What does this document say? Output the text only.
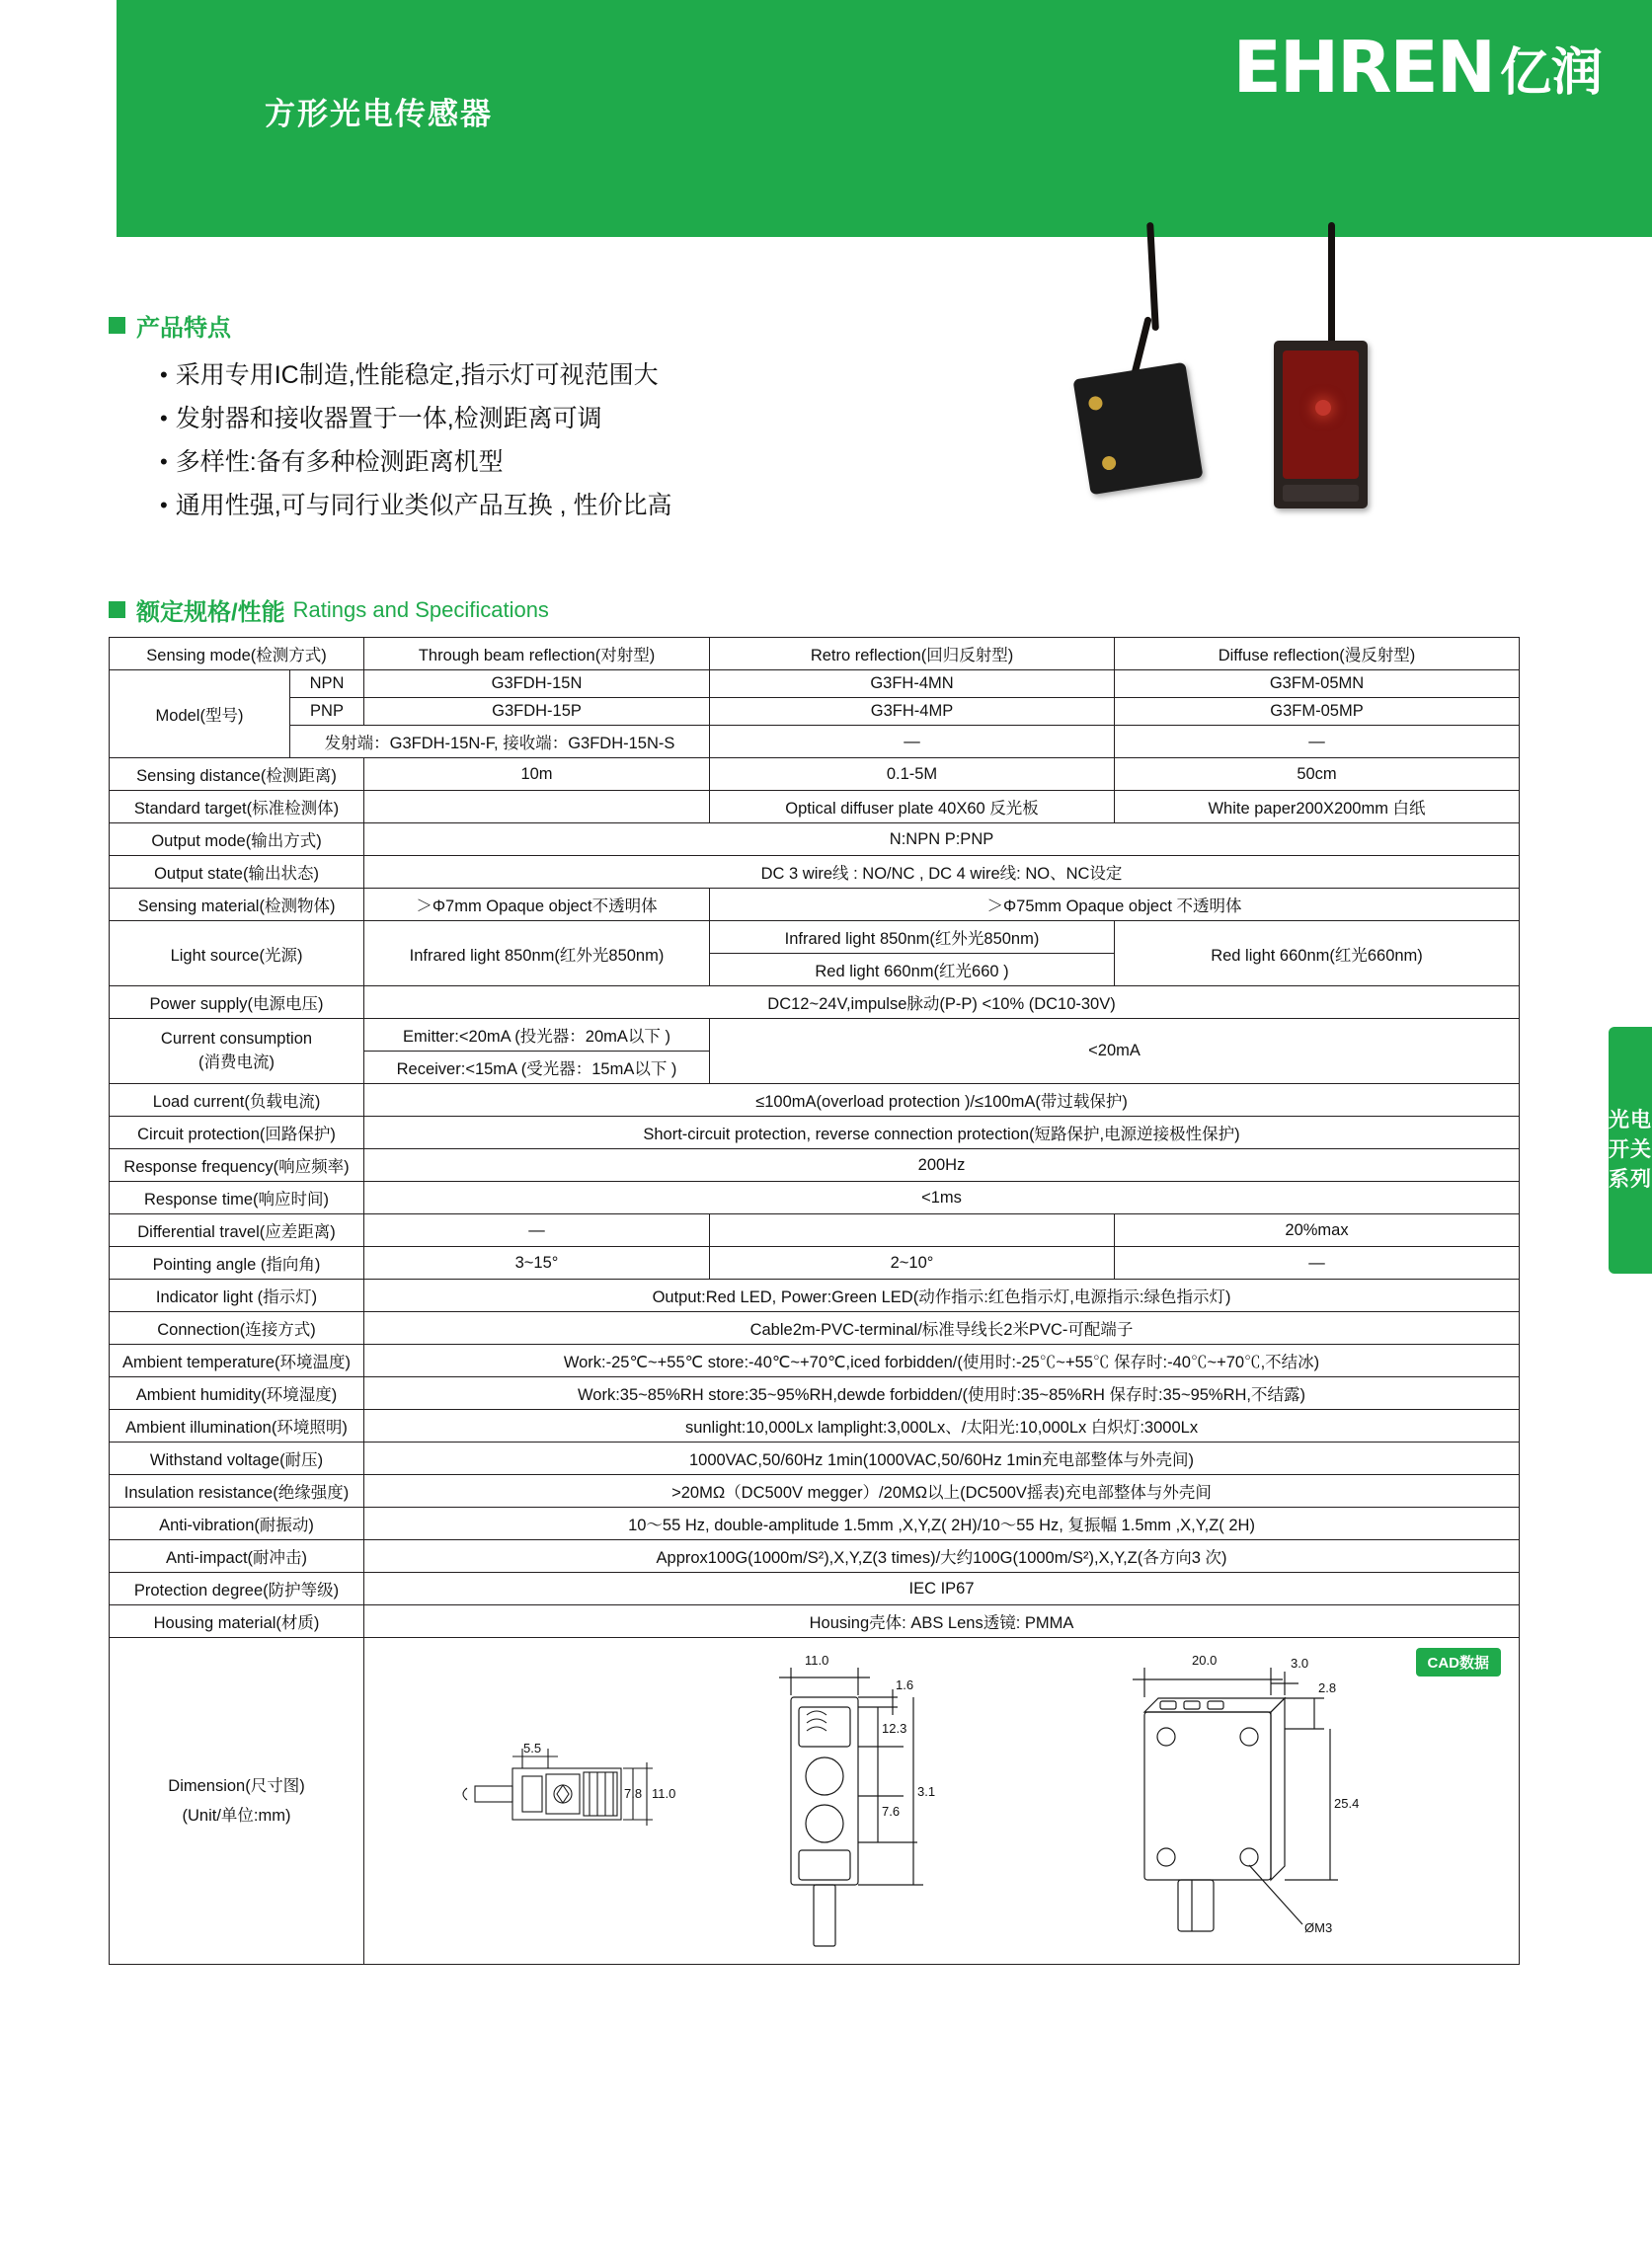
方形光电传感器
EHREN 亿润
产品特点
• 采用专用IC制造,性能稳定,指示灯可视范围大
• 发射器和接收器置于一体,检测距离可调
• 多样性:备有多种检测距离机型
• 通用性强,可与同行业类似产品互换 , 性价比高
额定规格/性能 Ratings and Specifications
Sensing mode(检测方式)		Through beam reflection(对射型)	Retro reflection(回归反射型)	Diffuse reflection(漫反射型)
Model(型号)	NPN	G3FDH-15N	G3FH-4MN	G3FM-05MN
	PNP	G3FDH-15P	G3FH-4MP	G3FM-05MP
	发射端：G3FDH-15N-F, 接收端：G3FDH-15N-S		—	—
Sensing distance(检测距离)		10m	0.1-5M	50cm
Standard target(标准检测体)			Optical diffuser plate 40X60 反光板	White paper200X200mm 白纸
Output mode(输出方式)		N:NPN P:PNP		
Output state(输出状态)		DC 3 wire线 : NO/NC , DC 4 wire线: NO、NC设定		
Sensing material(检测物体)		＞Φ7mm Opaque object不透明体	＞Φ75mm Opaque object 不透明体	
Light source(光源)		Infrared light 850nm(红外光850nm)	Infrared light 850nm(红外光850nm)	Red light 660nm(红光660nm)
			Red light 660nm(红光660 )	
Power supply(电源电压)		DC12~24V,impulse脉动(P-P) <10% (DC10-30V)		
Current consumption
(消费电流)		Emitter:<20mA (投光器：20mA以下 )	<20mA	
		Receiver:<15mA (受光器：15mA以下 )		
Load current(负载电流)		≤100mA(overload protection )/≤100mA(带过载保护)		
Circuit protection(回路保护)		Short-circuit protection, reverse connection protection(短路保护,电源逆接极性保护)		
Response frequency(响应频率)		200Hz		
Response time(响应时间)		<1ms		
Differential travel(应差距离)		—		20%max
Pointing angle (指向角)		3~15°	2~10°	—
Indicator light (指示灯)		Output:Red LED, Power:Green LED(动作指示:红色指示灯,电源指示:绿色指示灯)		
Connection(连接方式)		Cable2m-PVC-terminal/标准导线长2米PVC-可配端子		
Ambient temperature(环境温度)		Work:-25℃~+55℃ store:-40℃~+70℃,iced forbidden/(使用时:-25℃~+55℃ 保存时:-40℃~+70℃,不结冰)		
Ambient humidity(环境湿度)		Work:35~85%RH store:35~95%RH,dewde forbidden/(使用时:35~85%RH 保存时:35~95%RH,不结露)		
Ambient illumination(环境照明)		sunlight:10,000Lx lamplight:3,000Lx、/太阳光:10,000Lx 白炽灯:3000Lx		
Withstand voltage(耐压)		1000VAC,50/60Hz 1min(1000VAC,50/60Hz 1min充电部整体与外壳间)		
Insulation resistance(绝缘强度)		>20MΩ（DC500V megger）/20MΩ以上(DC500V摇表)充电部整体与外壳间		
Anti-vibration(耐振动)		10～55 Hz, double-amplitude 1.5mm ,X,Y,Z( 2H)/10～55 Hz, 复振幅 1.5mm ,X,Y,Z( 2H)		
Anti-impact(耐冲击)		Approx100G(1000m/S²),X,Y,Z(3 times)/大约100G(1000m/S²),X,Y,Z(各方向3 次)		
Protection degree(防护等级)		IEC IP67		
Housing material(材质)		Housing壳体: ABS Lens透镜: PMMA		

Dimension(尺寸图)
(Unit/单位:mm)

CAD数据
5.5
7.8 11.0
11.0
1.6
12.3
7.6
3.1
20.0	3.0
2.8
25.4
ØM3
光电开关系列
